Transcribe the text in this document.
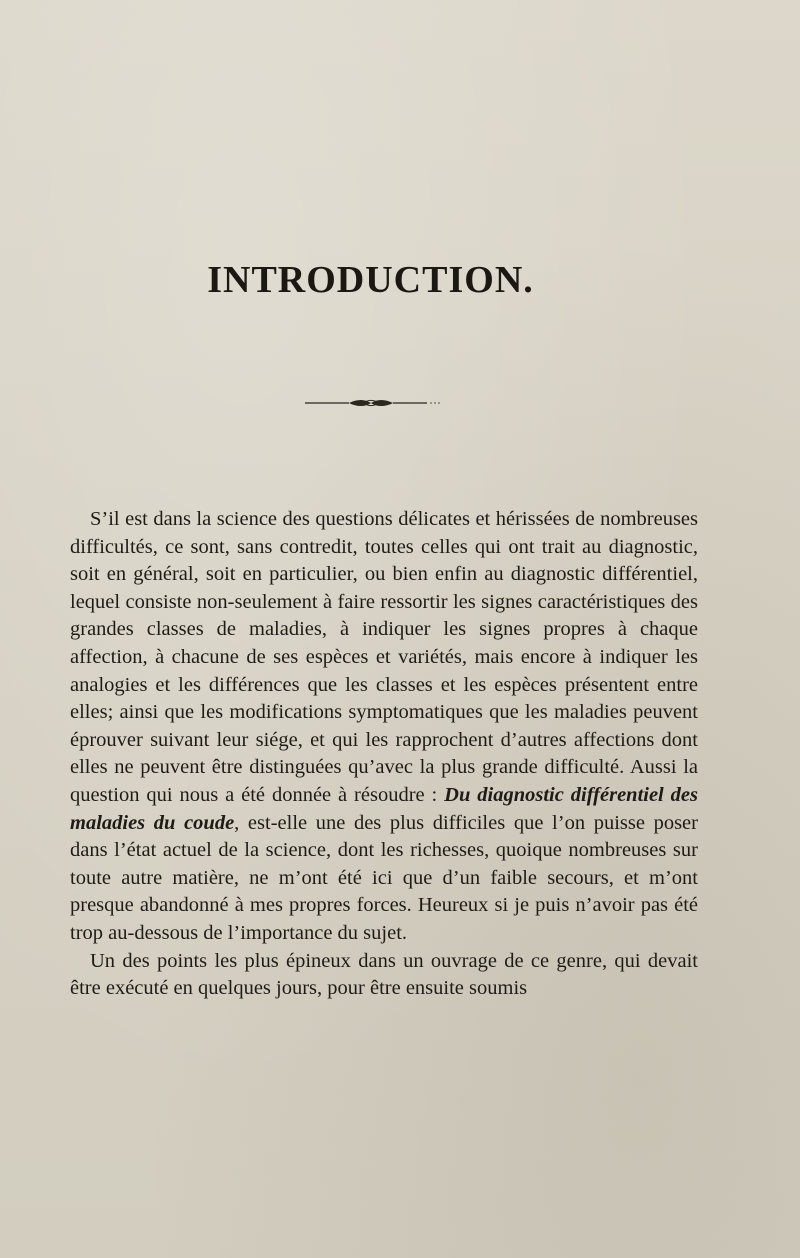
INTRODUCTION.

S’il est dans la science des questions délicates et hérissées de nombreuses difficultés, ce sont, sans contredit, toutes celles qui ont trait au diagnostic, soit en général, soit en particulier, ou bien enfin au diagnostic différentiel, lequel consiste non-seulement à faire ressortir les signes caractéristiques des grandes classes de maladies, à indiquer les signes propres à chaque affection, à chacune de ses espèces et variétés, mais encore à indiquer les analogies et les différences que les classes et les espèces présentent entre elles; ainsi que les modifications symptomatiques que les maladies peuvent éprouver suivant leur siége, et qui les rapprochent d’autres affections dont elles ne peuvent être distinguées qu’avec la plus grande difficulté. Aussi la question qui nous a été donnée à résoudre : Du diagnostic différentiel des maladies du coude, est-elle une des plus difficiles que l’on puisse poser dans l’état actuel de la science, dont les richesses, quoique nombreuses sur toute autre matière, ne m’ont été ici que d’un faible secours, et m’ont presque abandonné à mes propres forces. Heureux si je puis n’avoir pas été trop au-dessous de l’importance du sujet.

Un des points les plus épineux dans un ouvrage de ce genre, qui devait être exécuté en quelques jours, pour être ensuite soumis
